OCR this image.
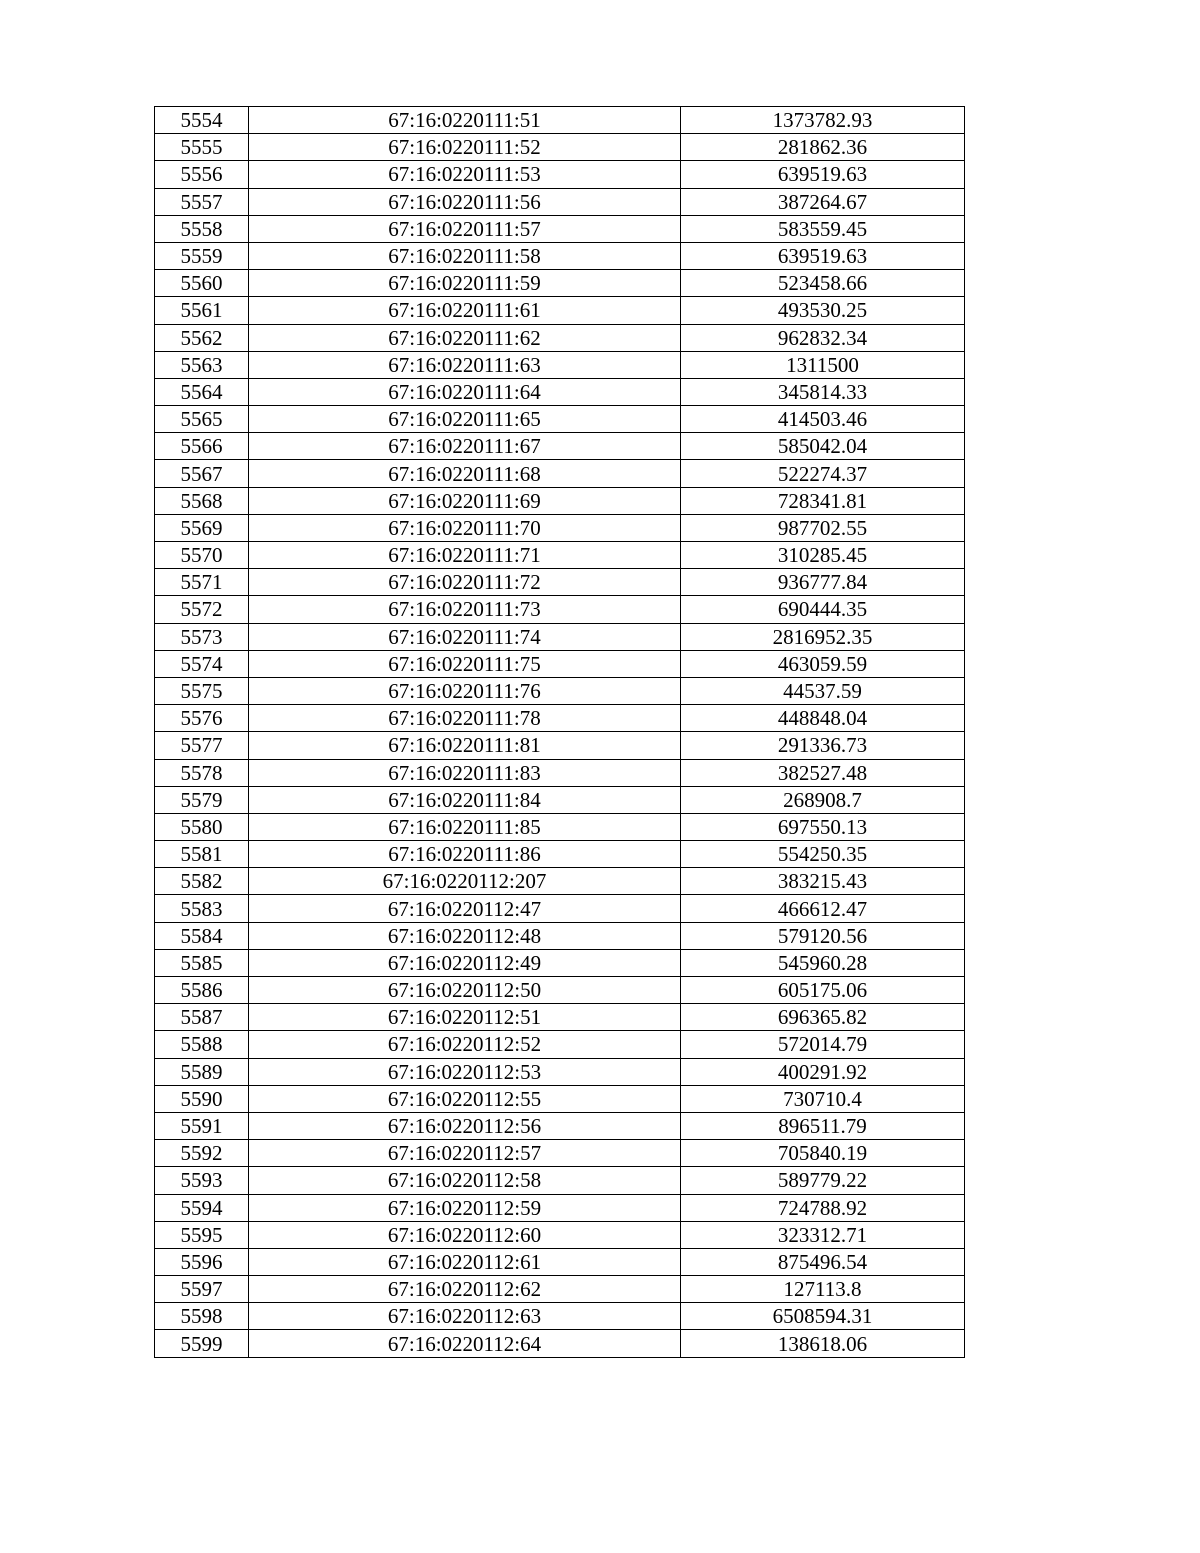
5554	67:16:0220111:51	1373782.93
5555	67:16:0220111:52	281862.36
5556	67:16:0220111:53	639519.63
5557	67:16:0220111:56	387264.67
5558	67:16:0220111:57	583559.45
5559	67:16:0220111:58	639519.63
5560	67:16:0220111:59	523458.66
5561	67:16:0220111:61	493530.25
5562	67:16:0220111:62	962832.34
5563	67:16:0220111:63	1311500
5564	67:16:0220111:64	345814.33
5565	67:16:0220111:65	414503.46
5566	67:16:0220111:67	585042.04
5567	67:16:0220111:68	522274.37
5568	67:16:0220111:69	728341.81
5569	67:16:0220111:70	987702.55
5570	67:16:0220111:71	310285.45
5571	67:16:0220111:72	936777.84
5572	67:16:0220111:73	690444.35
5573	67:16:0220111:74	2816952.35
5574	67:16:0220111:75	463059.59
5575	67:16:0220111:76	44537.59
5576	67:16:0220111:78	448848.04
5577	67:16:0220111:81	291336.73
5578	67:16:0220111:83	382527.48
5579	67:16:0220111:84	268908.7
5580	67:16:0220111:85	697550.13
5581	67:16:0220111:86	554250.35
5582	67:16:0220112:207	383215.43
5583	67:16:0220112:47	466612.47
5584	67:16:0220112:48	579120.56
5585	67:16:0220112:49	545960.28
5586	67:16:0220112:50	605175.06
5587	67:16:0220112:51	696365.82
5588	67:16:0220112:52	572014.79
5589	67:16:0220112:53	400291.92
5590	67:16:0220112:55	730710.4
5591	67:16:0220112:56	896511.79
5592	67:16:0220112:57	705840.19
5593	67:16:0220112:58	589779.22
5594	67:16:0220112:59	724788.92
5595	67:16:0220112:60	323312.71
5596	67:16:0220112:61	875496.54
5597	67:16:0220112:62	127113.8
5598	67:16:0220112:63	6508594.31
5599	67:16:0220112:64	138618.06
